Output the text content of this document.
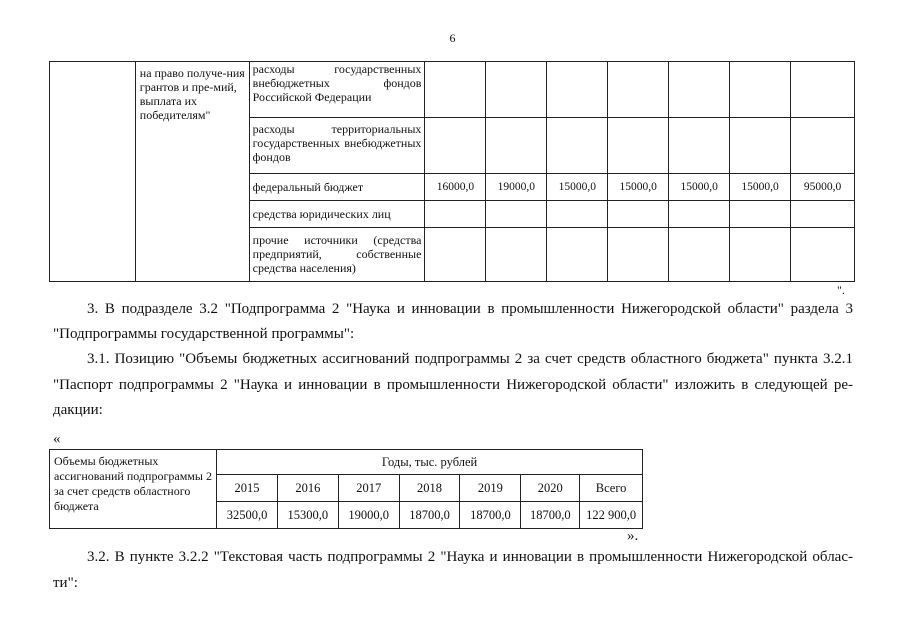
6
	на право получе-ния грантов и пре-мий, выплата их победителям"	расходы государственных внебюджетных фондов Российской Федерации							
		расходы территориальных государственных внебюджетных фондов							
		федеральный бюджет	16000,0	19000,0	15000,0	15000,0	15000,0	15000,0	95000,0
		средства юридических лиц							
		прочие источники (средства предприятий, собственные средства населения)							
".

3. В подразделе 3.2 "Подпрограмма 2 "Наука и инновации в промышленности Нижегородской области" раздела 3

"Подпрограммы государственной программы":

3.1. Позицию "Объемы бюджетных ассигнований подпрограммы 2 за счет средств областного бюджета" пункта 3.2.1

"Паспорт подпрограммы 2 "Наука и инновации в промышленности Нижегородской области" изложить в следующей ре-

дакции:

«
Объемы бюджетных ассигнований подпрограммы 2 за счет средств областного бюджета	Годы, тыс. рублей						
	2015	2016	2017	2018	2019	2020	Всего
	32500,0	15300,0	19000,0	18700,0	18700,0	18700,0	122 900,0
».

3.2. В пункте 3.2.2 "Текстовая часть подпрограммы 2 "Наука и инновации в промышленности Нижегородской облас-

ти":
